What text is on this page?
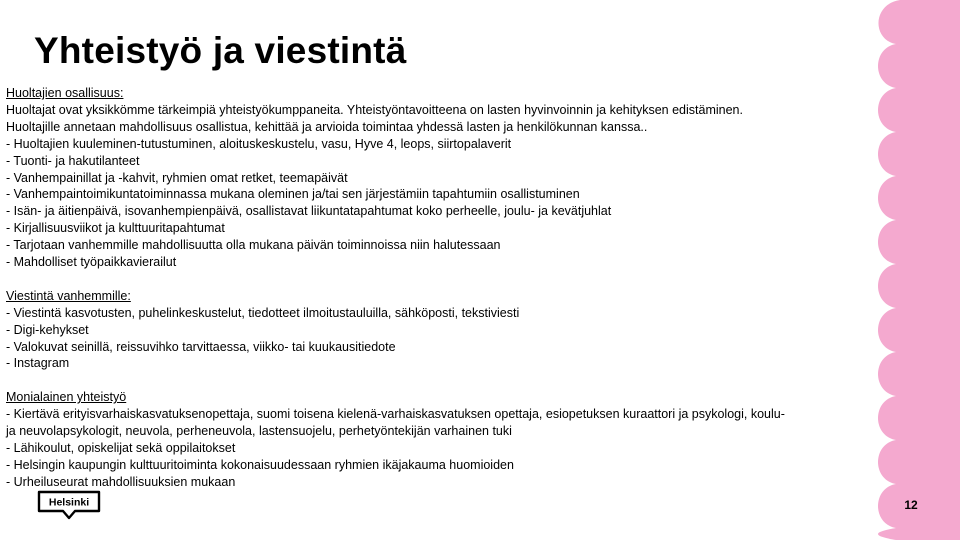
Yhteistyö ja viestintä
Huoltajien osallisuus:
Huoltajat ovat yksikkömme tärkeimpiä yhteistyökumppaneita. Yhteistyöntavoitteena on lasten hyvinvoinnin ja kehityksen edistäminen.
Huoltajille annetaan mahdollisuus osallistua, kehittää ja arvioida toimintaa yhdessä lasten ja henkilökunnan kanssa..
- Huoltajien kuuleminen-tutustuminen, aloituskeskustelu, vasu, Hyve 4, leops, siirtopalaverit
- Tuonti- ja hakutilanteet
- Vanhempainillat ja -kahvit, ryhmien omat retket, teemapäivät
- Vanhempaintoimikuntatoiminnassa mukana oleminen ja/tai sen järjestämiin tapahtumiin osallistuminen
- Isän- ja äitienpäivä, isovanhempienpäivä, osallistavat liikuntatapahtumat koko perheelle, joulu- ja kevätjuhlat
- Kirjallisuusviikot ja kulttuuritapahtumat
- Tarjotaan vanhemmille mahdollisuutta olla mukana päivän toiminnoissa niin halutessaan
- Mahdolliset työpaikkavierailut
Viestintä vanhemmille:
- Viestintä kasvotusten, puhelinkeskustelut, tiedotteet ilmoitustauluilla, sähköposti, tekstiviesti
- Digi-kehykset
- Valokuvat seinillä, reissuvihko tarvittaessa, viikko- tai kuukausitiedote
- Instagram
Monialainen yhteistyö
- Kiertävä erityisvarhaiskasvatuksenopettaja, suomi toisena kielenä-varhaiskasvatuksen opettaja, esiopetuksen kuraattori ja psykologi, koulu-
ja neuvolapsykologit, neuvola, perheneuvola, lastensuojelu, perhetyöntekijän varhainen tuki
- Lähikoulut, opiskelijat sekä oppilaitokset
- Helsingin kaupungin kulttuuritoiminta kokonaisuudessaan ryhmien ikäjakauma huomioiden
- Urheiluseurat mahdollisuuksien mukaan
Helsinki	12
